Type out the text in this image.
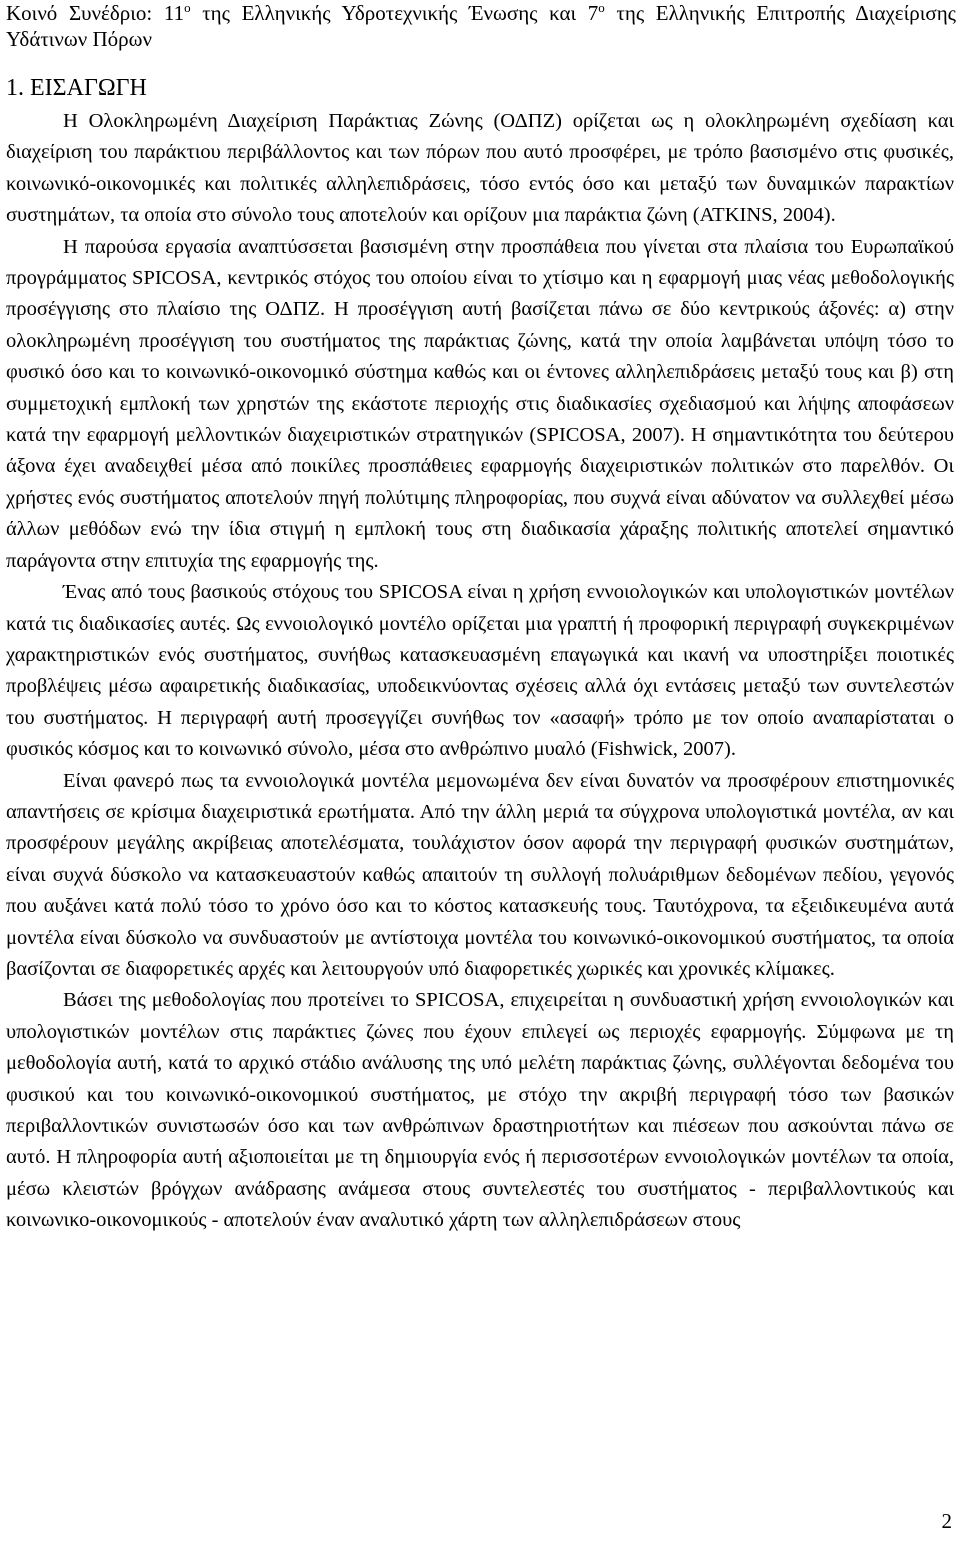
Κοινό Συνέδριο: $11^o$ της Ελληνικής Υδροτεχνικής Ένωσης και $7^o$ της Ελληνικής Επιτροπής Διαχείρισης Υδάτινων Πόρων
1. ΕΙΣΑΓΩΓΗ

Η Ολοκληρωμένη Διαχείριση Παράκτιας Ζώνης (ΟΔΠΖ) ορίζεται ως η ολοκληρωμένη σχεδίαση και διαχείριση του παράκτιου περιβάλλοντος και των πόρων που αυτό προσφέρει, με τρόπο βασισμένο στις φυσικές, κοινωνικό-οικονομικές και πολιτικές αλληλεπιδράσεις, τόσο εντός όσο και μεταξύ των δυναμικών παρακτίων συστημάτων, τα οποία στο σύνολο τους αποτελούν και ορίζουν μια παράκτια ζώνη (ATKINS, 2004).

Η παρούσα εργασία αναπτύσσεται βασισμένη στην προσπάθεια που γίνεται στα πλαίσια του Ευρωπαϊκού προγράμματος SPICOSA, κεντρικός στόχος του οποίου είναι το χτίσιμο και η εφαρμογή μιας νέας μεθοδολογικής προσέγγισης στο πλαίσιο της ΟΔΠΖ. Η προσέγγιση αυτή βασίζεται πάνω σε δύο κεντρικούς άξονές: α) στην ολοκληρωμένη προσέγγιση του συστήματος της παράκτιας ζώνης, κατά την οποία λαμβάνεται υπόψη τόσο το φυσικό όσο και το κοινωνικό-οικονομικό σύστημα καθώς και οι έντονες αλληλεπιδράσεις μεταξύ τους και β) στη συμμετοχική εμπλοκή των χρηστών της εκάστοτε περιοχής στις διαδικασίες σχεδιασμού και λήψης αποφάσεων κατά την εφαρμογή μελλοντικών διαχειριστικών στρατηγικών (SPICOSA, 2007). Η σημαντικότητα του δεύτερου άξονα έχει αναδειχθεί μέσα από ποικίλες προσπάθειες εφαρμογής διαχειριστικών πολιτικών στο παρελθόν. Οι χρήστες ενός συστήματος αποτελούν πηγή πολύτιμης πληροφορίας, που συχνά είναι αδύνατον να συλλεχθεί μέσω άλλων μεθόδων ενώ την ίδια στιγμή η εμπλοκή τους στη διαδικασία χάραξης πολιτικής αποτελεί σημαντικό παράγοντα στην επιτυχία της εφαρμογής της.

Ένας από τους βασικούς στόχους του SPICOSA είναι η χρήση εννοιολογικών και υπολογιστικών μοντέλων κατά τις διαδικασίες αυτές. Ως εννοιολογικό μοντέλο ορίζεται μια γραπτή ή προφορική περιγραφή συγκεκριμένων χαρακτηριστικών ενός συστήματος, συνήθως κατασκευασμένη επαγωγικά και ικανή να υποστηρίξει ποιοτικές προβλέψεις μέσω αφαιρετικής διαδικασίας, υποδεικνύοντας σχέσεις αλλά όχι εντάσεις μεταξύ των συντελεστών του συστήματος. Η περιγραφή αυτή προσεγγίζει συνήθως τον «ασαφή» τρόπο με τον οποίο αναπαρίσταται ο φυσικός κόσμος και το κοινωνικό σύνολο, μέσα στο ανθρώπινο μυαλό (Fishwick, 2007).

Είναι φανερό πως τα εννοιολογικά μοντέλα μεμονωμένα δεν είναι δυνατόν να προσφέρουν επιστημονικές απαντήσεις σε κρίσιμα διαχειριστικά ερωτήματα. Από την άλλη μεριά τα σύγχρονα υπολογιστικά μοντέλα, αν και προσφέρουν μεγάλης ακρίβειας αποτελέσματα, τουλάχιστον όσον αφορά την περιγραφή φυσικών συστημάτων, είναι συχνά δύσκολο να κατασκευαστούν καθώς απαιτούν τη συλλογή πολυάριθμων δεδομένων πεδίου, γεγονός που αυξάνει κατά πολύ τόσο το χρόνο όσο και το κόστος κατασκευής τους. Ταυτόχρονα, τα εξειδικευμένα αυτά μοντέλα είναι δύσκολο να συνδυαστούν με αντίστοιχα μοντέλα του κοινωνικό-οικονομικού συστήματος, τα οποία βασίζονται σε διαφορετικές αρχές και λειτουργούν υπό διαφορετικές χωρικές και χρονικές κλίμακες.

Βάσει της μεθοδολογίας που προτείνει το SPICOSA, επιχειρείται η συνδυαστική χρήση εννοιολογικών και υπολογιστικών μοντέλων στις παράκτιες ζώνες που έχουν επιλεγεί ως περιοχές εφαρμογής. Σύμφωνα με τη μεθοδολογία αυτή, κατά το αρχικό στάδιο ανάλυσης της υπό μελέτη παράκτιας ζώνης, συλλέγονται δεδομένα του φυσικού και του κοινωνικό-οικονομικού συστήματος, με στόχο την ακριβή περιγραφή τόσο των βασικών περιβαλλοντικών συνιστωσών όσο και των ανθρώπινων δραστηριοτήτων και πιέσεων που ασκούνται πάνω σε αυτό. Η πληροφορία αυτή αξιοποιείται με τη δημιουργία ενός ή περισσοτέρων εννοιολογικών μοντέλων τα οποία, μέσω κλειστών βρόγχων ανάδρασης ανάμεσα στους συντελεστές του συστήματος - περιβαλλοντικούς και κοινωνικο-οικονομικούς - αποτελούν έναν αναλυτικό χάρτη των αλληλεπιδράσεων στους

2
